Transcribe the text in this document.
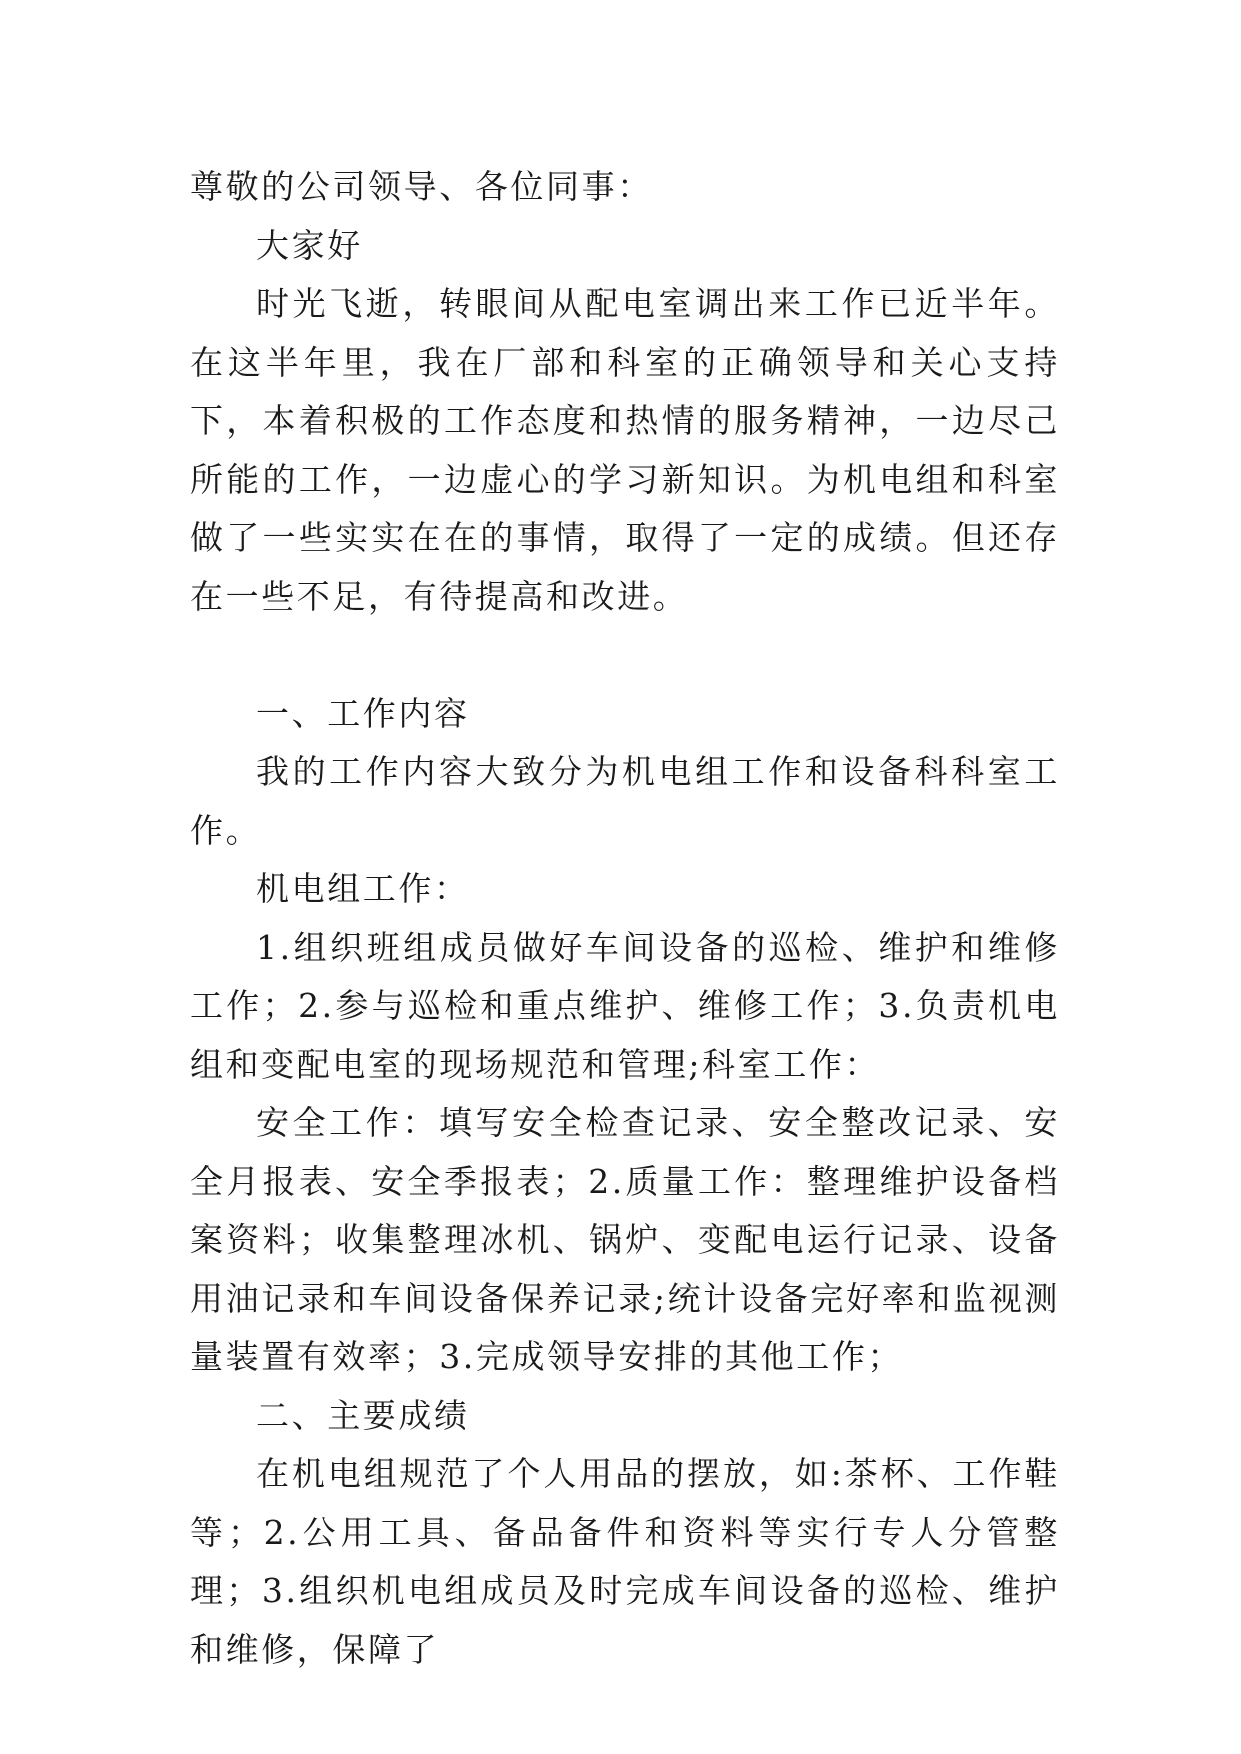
尊敬的公司领导、各位同事：

大家好

时光飞逝，转眼间从配电室调出来工作已近半年。在这半年里，我在厂部和科室的正确领导和关心支持下，本着积极的工作态度和热情的服务精神，一边尽己所能的工作，一边虚心的学习新知识。为机电组和科室做了一些实实在在的事情，取得了一定的成绩。但还存在一些不足，有待提高和改进。

一、工作内容

我的工作内容大致分为机电组工作和设备科科室工作。

机电组工作：

1.组织班组成员做好车间设备的巡检、维护和维修工作；2.参与巡检和重点维护、维修工作；3.负责机电组和变配电室的现场规范和管理;科室工作：

安全工作：填写安全检查记录、安全整改记录、安全月报表、安全季报表；2.质量工作：整理维护设备档案资料；收集整理冰机、锅炉、变配电运行记录、设备用油记录和车间设备保养记录;统计设备完好率和监视测量装置有效率；3.完成领导安排的其他工作；

二、主要成绩

在机电组规范了个人用品的摆放，如:茶杯、工作鞋等；2.公用工具、备品备件和资料等实行专人分管整理；3.组织机电组成员及时完成车间设备的巡检、维护和维修，保障了
